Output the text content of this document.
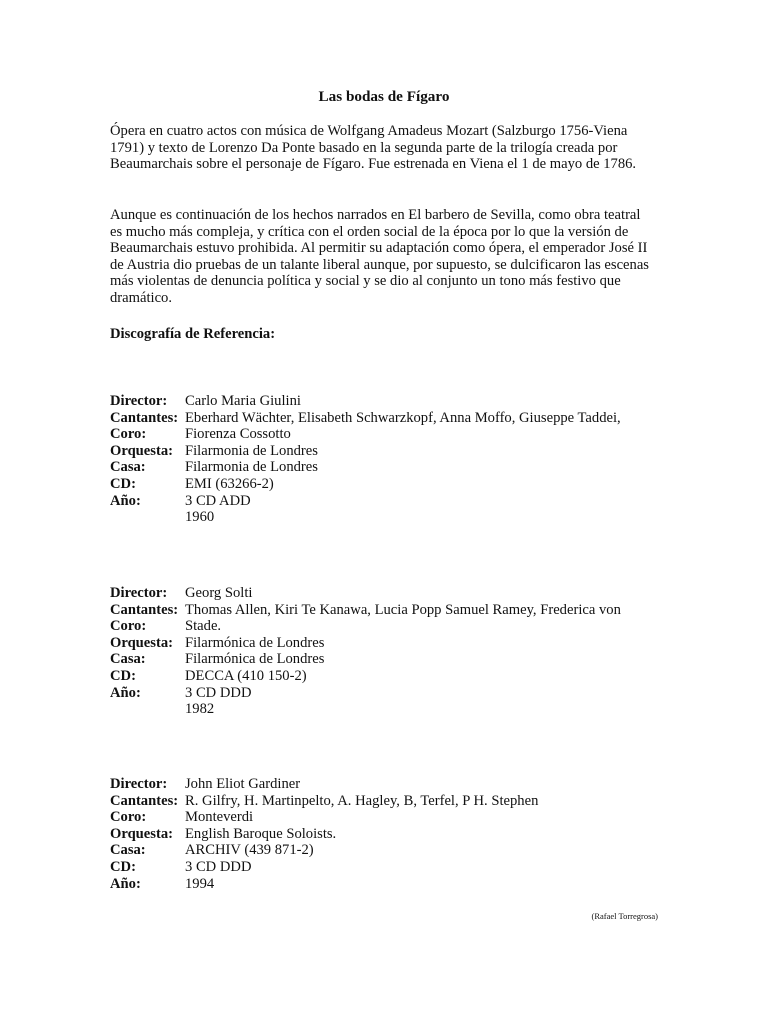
Las bodas de Fígaro

Ópera en cuatro actos con música de Wolfgang Amadeus Mozart (Salzburgo 1756-Viena 1791) y texto de Lorenzo Da Ponte basado en la segunda parte de la trilogía creada por Beaumarchais sobre el personaje de Fígaro. Fue estrenada en Viena el 1 de mayo de 1786.

Aunque es continuación de los hechos narrados en El barbero de Sevilla, como obra teatral es mucho más compleja, y crítica con el orden social de la época por lo que la versión de Beaumarchais estuvo prohibida. Al permitir su adaptación como ópera, el emperador José II de Austria dio pruebas de un talante liberal aunque, por supuesto, se dulcificaron las escenas más violentas de denuncia política y social y se dio al conjunto un tono más festivo que dramático.

Discografía de Referencia:
Director:	Carlo Maria Giulini
Cantantes: Eberhard Wächter, Elisabeth Schwarzkopf, Anna Moffo, Giuseppe Taddei,
Coro:	Fiorenza Cossotto
Orquesta: Filarmonia de Londres
Casa:	Filarmonia de Londres
CD:	EMI (63266-2)
Año:	3 CD ADD
1960
Director:	Georg Solti
Cantantes: Thomas Allen, Kiri Te Kanawa, Lucia Popp Samuel Ramey, Frederica von
Coro:	Stade.
Orquesta: Filarmónica de Londres
Casa:	Filarmónica de Londres
CD:	DECCA (410 150-2)
Año:	3 CD DDD
1982
Director:	John Eliot Gardiner
Cantantes: R. Gilfry, H. Martinpelto, A. Hagley, B, Terfel, P H. Stephen
Coro:	Monteverdi
Orquesta: English Baroque Soloists.
Casa:	ARCHIV (439 871-2)
CD:	3 CD DDD
Año:	1994
(Rafael Torregrosa)
